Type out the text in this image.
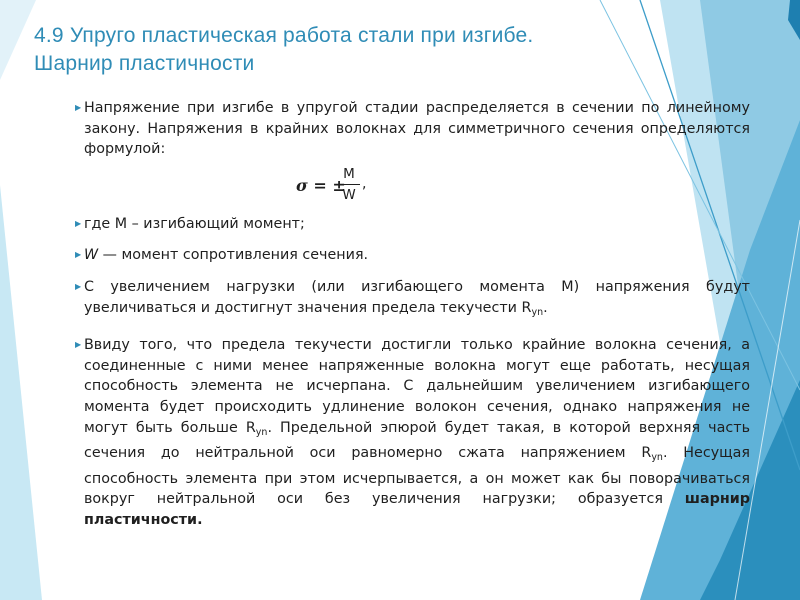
4.9 Упруго пластическая работа стали при изгибе.
Шарнир пластичности

▶ Напряжение при изгибе в упругой стадии распределяется в сечении по линейному закону. Напряжения в крайних волокнах для симметричного сечения определяются формулой:

σ = ±
$\frac{M}{W}$ ,

▶ где M – изгибающий момент;

▶ W — момент сопротивления сечения.

▶ С увеличением нагрузки (или изгибающего момента М) напряжения будут увеличиваться и достигнут значения предела текучести $R_{yn}$.

▶ Ввиду того, что предела текучести достигли только крайние волокна сечения, а соединенные с ними менее напряженные волокна могут еще работать, несущая способность элемента не исчерпана. С дальнейшим увеличением изгибающего момента будет происходить удлинение волокон сечения, однако напряжения не могут быть больше $R_{yn}$. Предельной эпюрой будет такая, в которой верхняя часть сечения до нейтральной оси равномерно сжата напряжением $R_{yn}$. Несущая способность элемента при этом исчерпывается, а он может как бы поворачиваться вокруг нейтральной оси без увеличения нагрузки; образуется шарнир пластичности.
